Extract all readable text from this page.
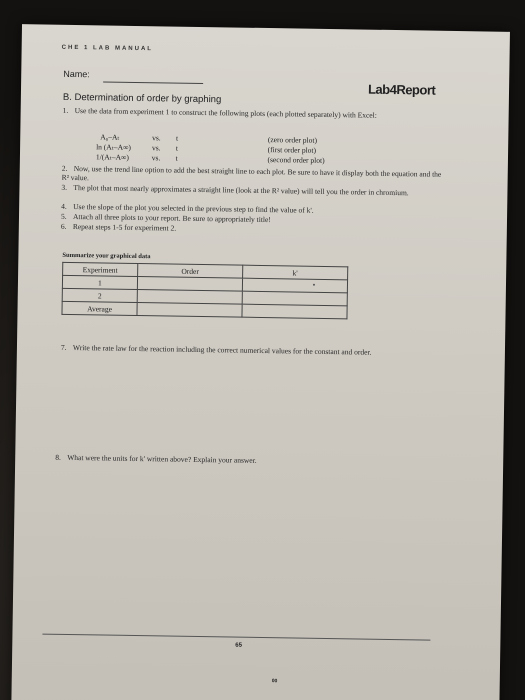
CHE 1 LAB MANUAL
Name:
Lab4Report
B. Determination of order by graphing
1. Use the data from experiment 1 to construct the following plots (each plotted separately) with Excel:
A₀–Aₜ	vs. t	(zero order plot)
ln (Aₜ–A∞)	vs. t	(first order plot)
1/(Aₜ–A∞)	vs. t	(second order plot)
2. Now, use the trend line option to add the best straight line to each plot. Be sure to have it display both the equation and the R² value.
3. The plot that most nearly approximates a straight line (look at the R² value) will tell you the order in chromium.
4. Use the slope of the plot you selected in the previous step to find the value of k'.
5. Attach all three plots to your report. Be sure to appropriately title!
6. Repeat steps 1-5 for experiment 2.
Summarize your graphical data
Experiment	Order	k'
1		
2		
Average		
7. Write the rate law for the reaction including the correct numerical values for the constant and order.
8. What were the units for k' written above? Explain your answer.
65
00
